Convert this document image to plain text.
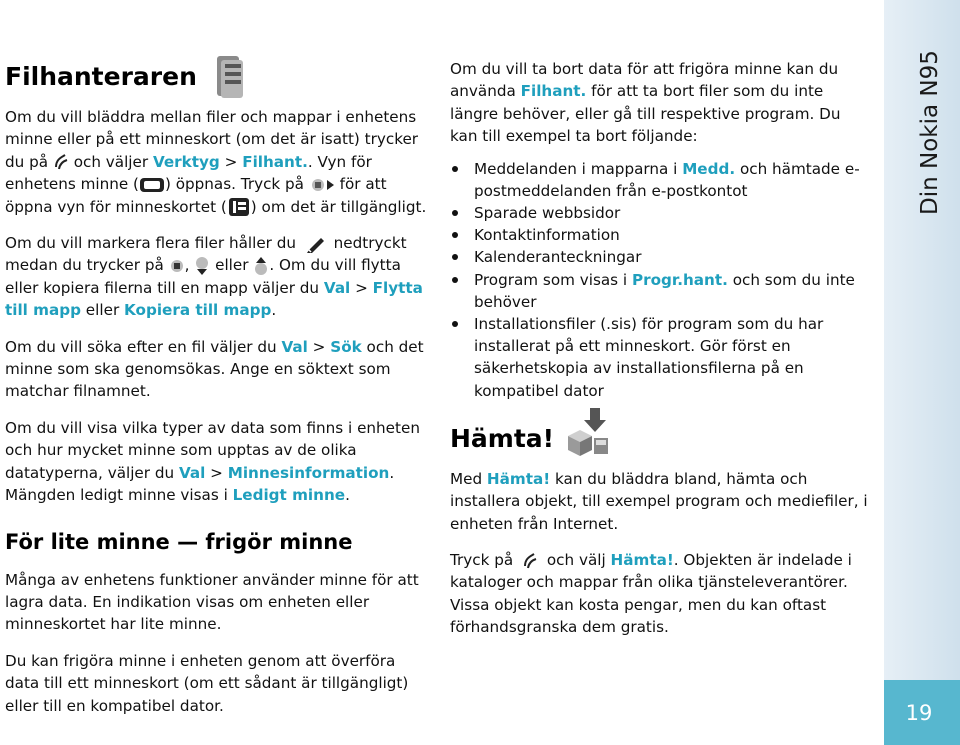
Filhanteraren

Om du vill bläddra mellan filer och mappar i enhetens minne eller på ett minneskort (om det är isatt) trycker du på  och väljer Verktyg > Filhant.. Vyn för enhetens minne ( ) öppnas. Tryck på  för att öppna vyn för minneskortet ( ) om det är tillgängligt.

Om du vill markera flera filer håller du  nedtryckt medan du trycker på ,  eller . Om du vill flytta eller kopiera filerna till en mapp väljer du Val > Flytta till mapp eller Kopiera till mapp.

Om du vill söka efter en fil väljer du Val > Sök och det minne som ska genomsökas. Ange en söktext som matchar filnamnet.

Om du vill visa vilka typer av data som finns i enheten och hur mycket minne som upptas av de olika datatyperna, väljer du Val > Minnesinformation. Mängden ledigt minne visas i Ledigt minne.

För lite minne — frigör minne

Många av enhetens funktioner använder minne för att lagra data. En indikation visas om enheten eller minneskortet har lite minne.

Du kan frigöra minne i enheten genom att överföra data till ett minneskort (om ett sådant är tillgängligt) eller till en kompatibel dator.

Om du vill ta bort data för att frigöra minne kan du använda Filhant. för att ta bort filer som du inte längre behöver, eller gå till respektive program. Du kan till exempel ta bort följande:

Meddelanden i mapparna i Medd. och hämtade e-postmeddelanden från e-postkontot
Sparade webbsidor
Kontaktinformation
Kalenderanteckningar
Program som visas i Progr.hant. och som du inte behöver
Installationsfiler (.sis) för program som du har installerat på ett minneskort. Gör först en säkerhetskopia av installationsfilerna på en kompatibel dator
Hämta!

Med Hämta! kan du bläddra bland, hämta och installera objekt, till exempel program och mediefiler, i enheten från Internet.

Tryck på  och välj Hämta!. Objekten är indelade i kataloger och mappar från olika tjänsteleverantörer. Vissa objekt kan kosta pengar, men du kan oftast förhandsgranska dem gratis.

Din Nokia N95
19
